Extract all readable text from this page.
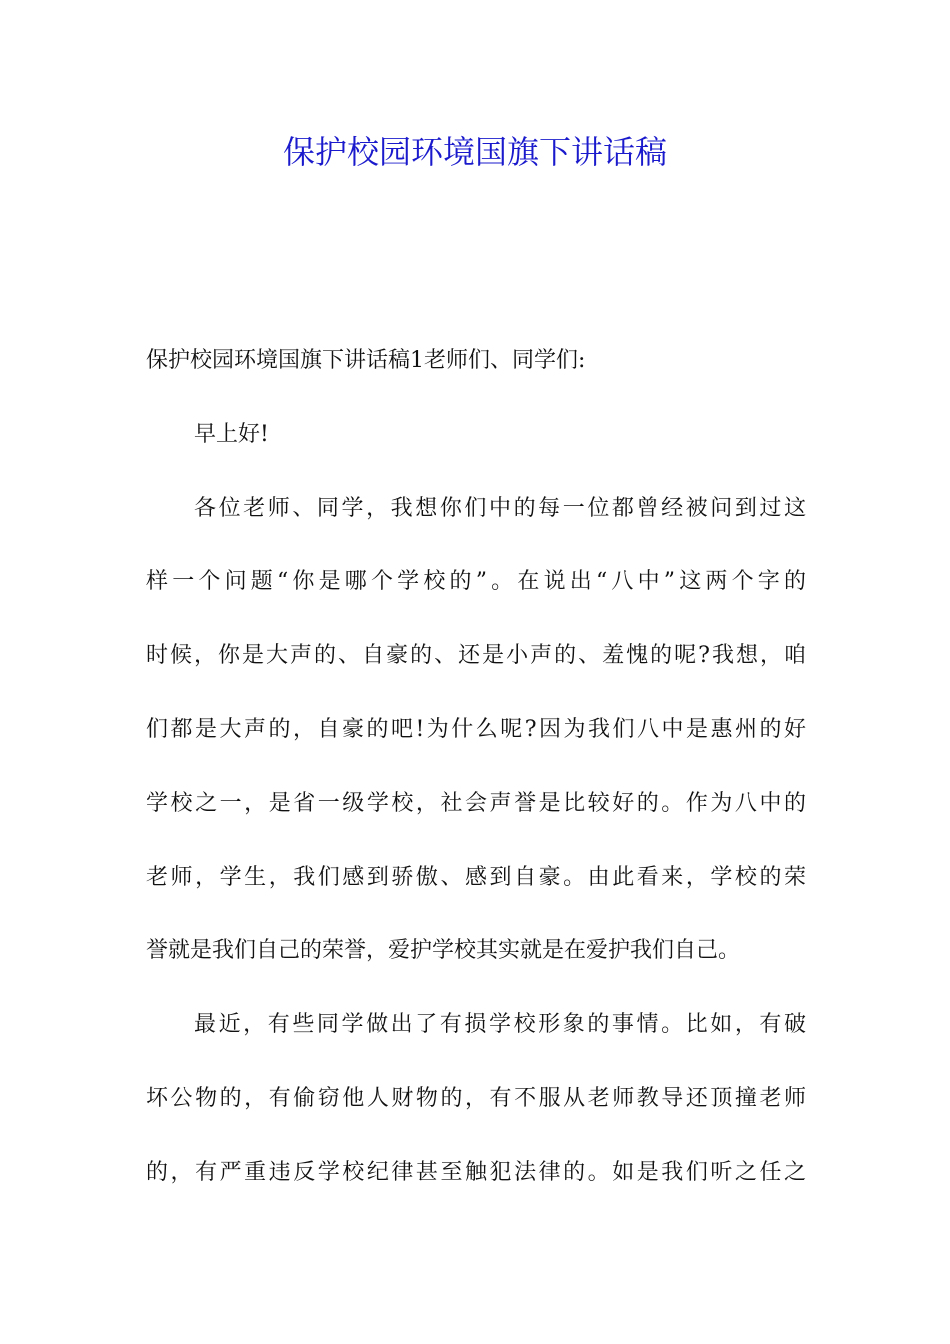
保护校园环境国旗下讲话稿
保护校园环境国旗下讲话稿1老师们、同学们:
早上好!
各位老师、同学，我想你们中的每一位都曾经被问到过这
样一个问题“你是哪个学校的”。在说出“八中”这两个字的
时候，你是大声的、自豪的、还是小声的、羞愧的呢?我想，咱
们都是大声的，自豪的吧!为什么呢?因为我们八中是惠州的好
学校之一，是省一级学校，社会声誉是比较好的。作为八中的
老师，学生，我们感到骄傲、感到自豪。由此看来，学校的荣
誉就是我们自己的荣誉，爱护学校其实就是在爱护我们自己。
最近，有些同学做出了有损学校形象的事情。比如，有破
坏公物的，有偷窃他人财物的，有不服从老师教导还顶撞老师
的，有严重违反学校纪律甚至触犯法律的。如是我们听之任之
